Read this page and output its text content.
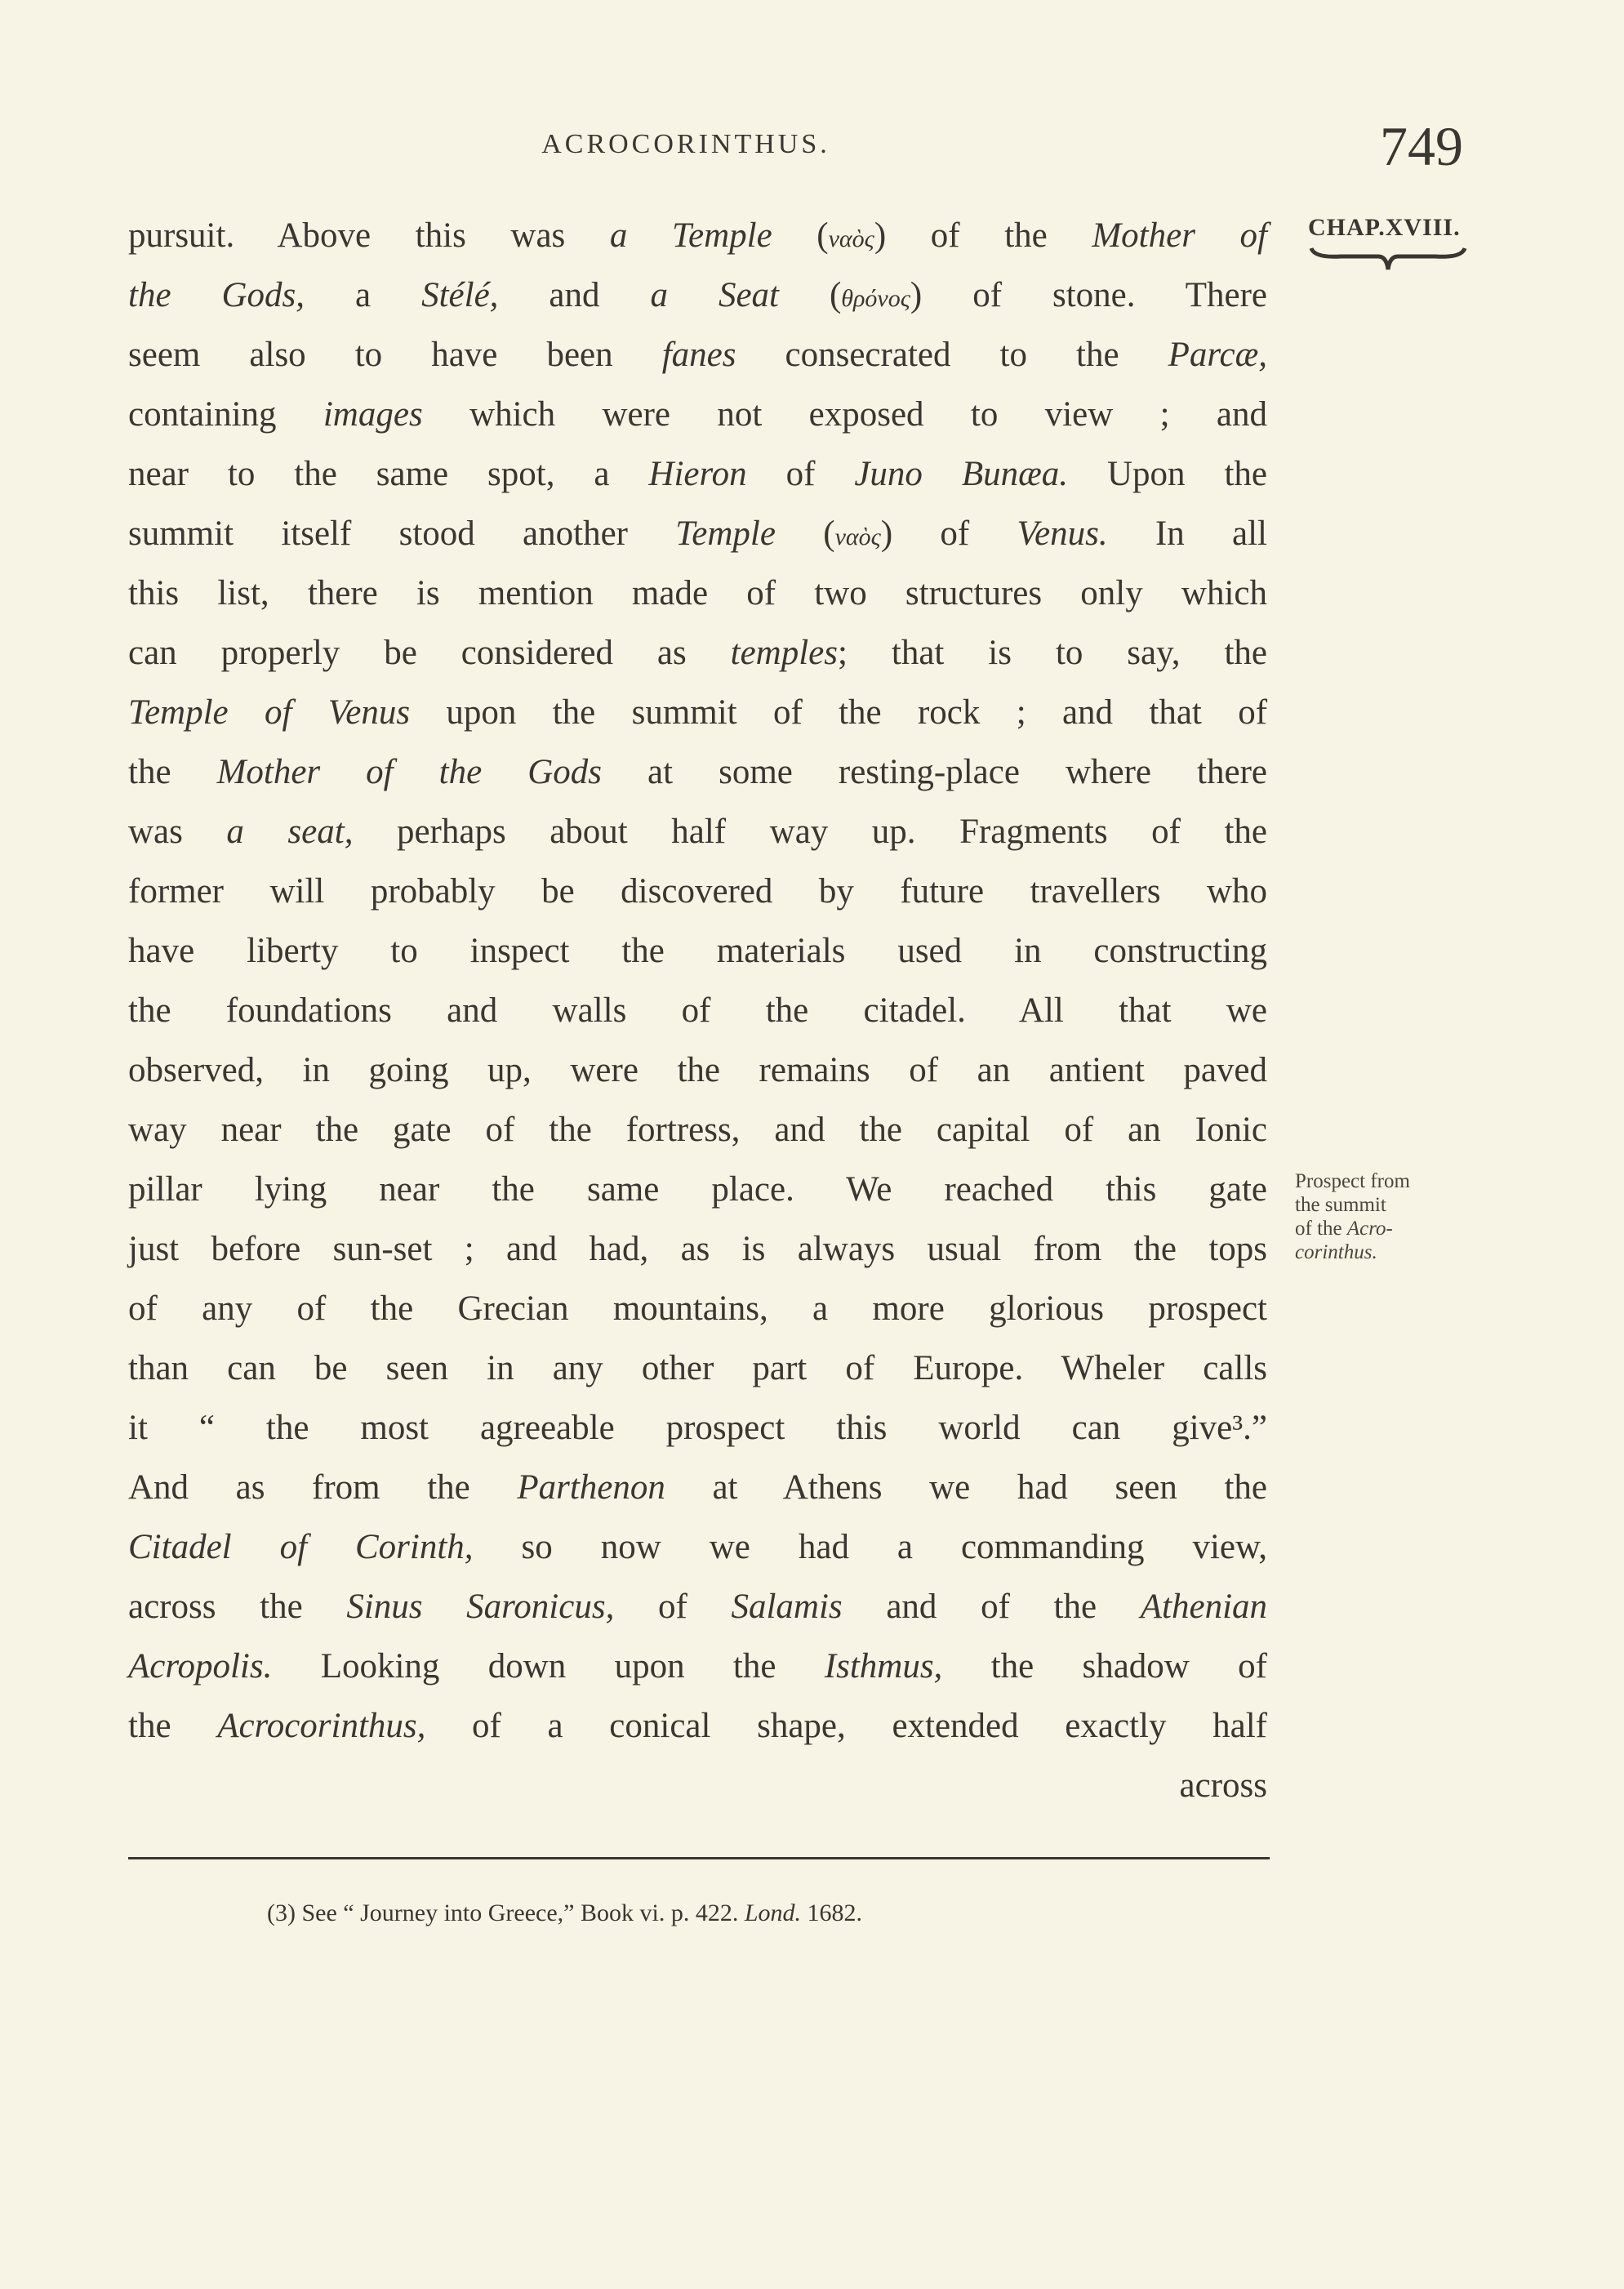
ACROCORINTHUS.	749
CHAP.XVIII.
pursuit. Above this was a Temple (ναὸς) of the Mother of
the Gods, a Stélé, and a Seat (θρόνος) of stone. There
seem also to have been fanes consecrated to the Parcæ,
containing images which were not exposed to view ; and
near to the same spot, a Hieron of Juno Bunæa. Upon the
summit itself stood another Temple (ναὸς) of Venus. In all
this list, there is mention made of two structures only which
can properly be considered as temples; that is to say, the
Temple of Venus upon the summit of the rock ; and that of
the Mother of the Gods at some resting-place where there
was a seat, perhaps about half way up. Fragments of the
former will probably be discovered by future travellers who
have liberty to inspect the materials used in constructing
the foundations and walls of the citadel. All that we
observed, in going up, were the remains of an antient paved
way near the gate of the fortress, and the capital of an Ionic
pillar lying near the same place. We reached this gate
just before sun-set ; and had, as is always usual from the tops
of any of the Grecian mountains, a more glorious prospect
than can be seen in any other part of Europe. Wheler calls
it “ the most agreeable prospect this world can give³.”
And as from the Parthenon at Athens we had seen the
Citadel of Corinth, so now we had a commanding view,
across the Sinus Saronicus, of Salamis and of the Athenian
Acropolis. Looking down upon the Isthmus, the shadow of
the Acrocorinthus, of a conical shape, extended exactly half
across
Prospect from
the summit
of the Acro-
corinthus.
(3) See “ Journey into Greece,” Book vi. p. 422. Lond. 1682.
